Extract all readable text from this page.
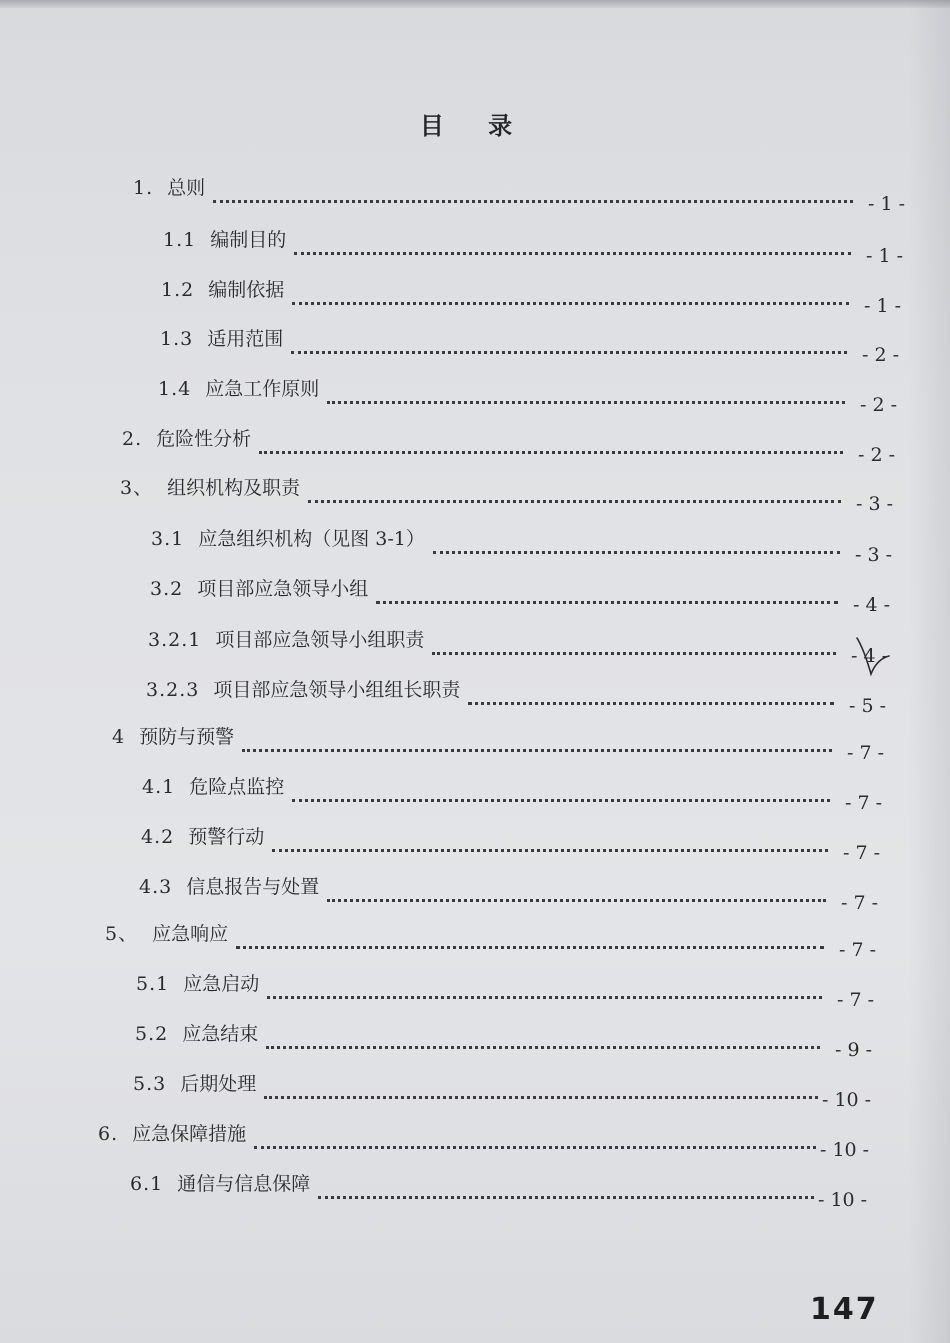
目 录
1. 总则
- 1 -
1.1 编制目的
- 1 -
1.2 编制依据
- 1 -
1.3 适用范围
- 2 -
1.4 应急工作原则
- 2 -
2. 危险性分析
- 2 -
3、 组织机构及职责
- 3 -
3.1 应急组织机构（见图 3-1）
- 3 -
3.2 项目部应急领导小组
- 4 -
3.2.1 项目部应急领导小组职责
- 4 -
3.2.3 项目部应急领导小组组长职责
- 5 -
4 预防与预警
- 7 -
4.1 危险点监控
- 7 -
4.2 预警行动
- 7 -
4.3 信息报告与处置
- 7 -
5、 应急响应
- 7 -
5.1 应急启动
- 7 -
5.2 应急结束
- 9 -
5.3 后期处理
- 10 -
6. 应急保障措施
- 10 -
6.1 通信与信息保障
- 10 -
147
